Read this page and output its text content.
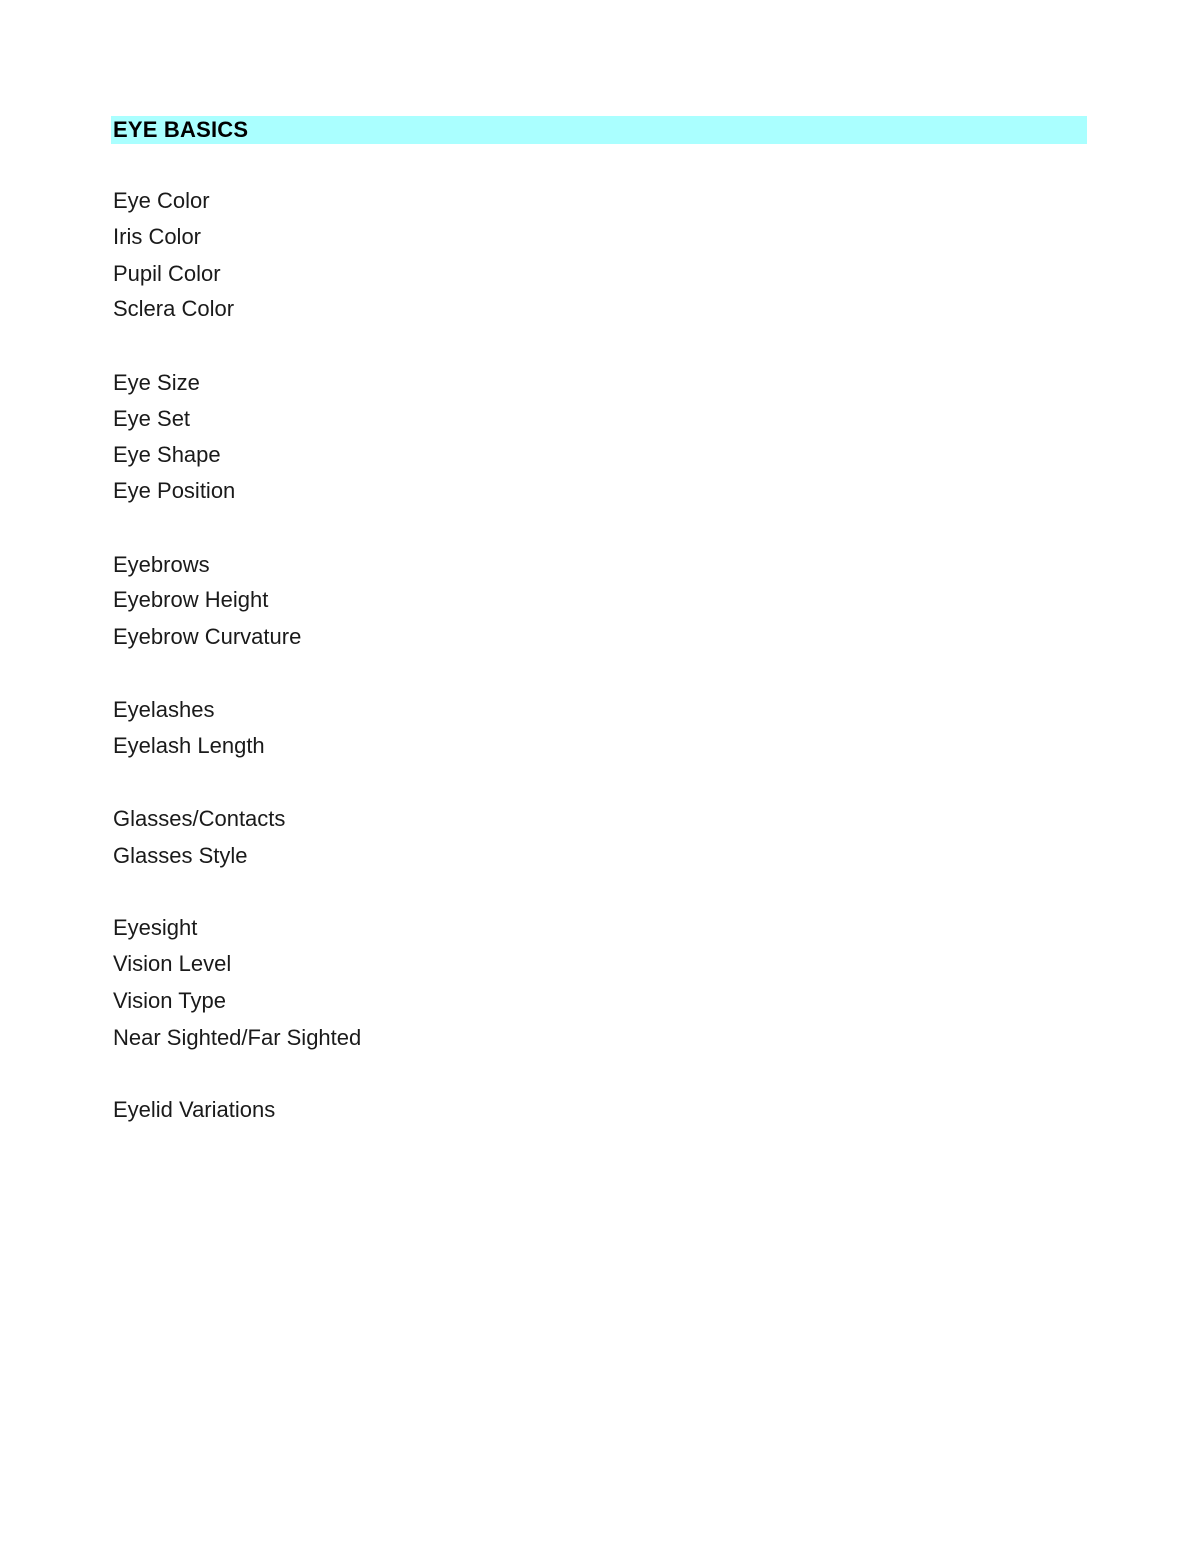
EYE BASICS
Eye Color
Iris Color
Pupil Color
Sclera Color
Eye Size
Eye Set
Eye Shape
Eye Position
Eyebrows
Eyebrow Height
Eyebrow Curvature
Eyelashes
Eyelash Length
Glasses/Contacts
Glasses Style
Eyesight
Vision Level
Vision Type
Near Sighted/Far Sighted
Eyelid Variations
